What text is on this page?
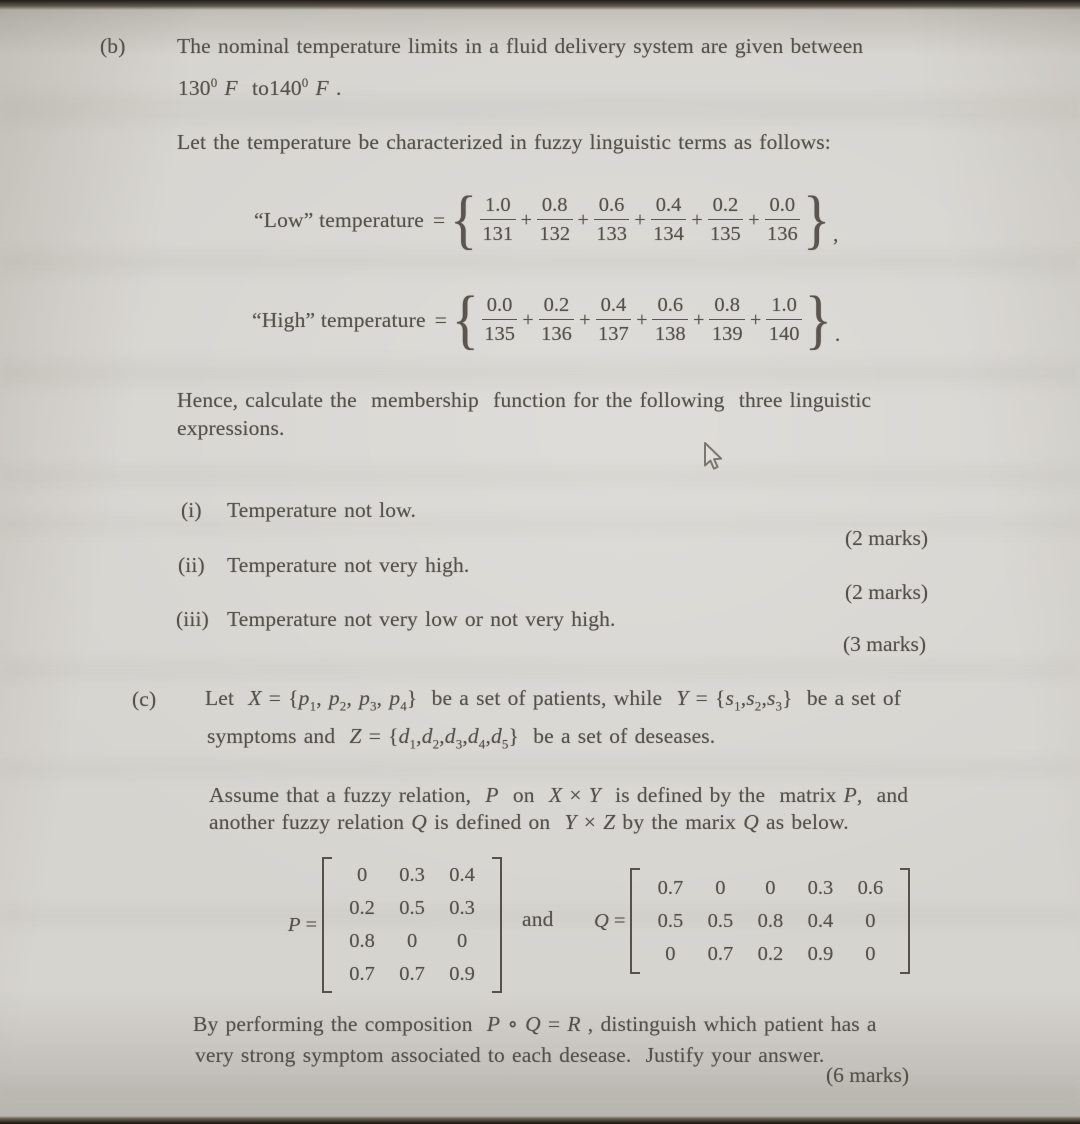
(b) The nominal temperature limits in a fluid delivery system are given between
$130^0$ F  $to140^0$ F .
Let the temperature be characterized in fuzzy linguistic terms as follows:
“Low” temperature = { $\frac{1.0}{131} + \frac{0.8}{132} + \frac{0.6}{133} + \frac{0.4}{134} + \frac{0.2}{135} + \frac{0.0}{136}$ } ,
“High” temperature = { $\frac{0.0}{135} + \frac{0.2}{136} + \frac{0.4}{137} + \frac{0.6}{138} + \frac{0.8}{139} + \frac{1.0}{140}$ } .
Hence, calculate the  membership  function for the following  three linguistic
expressions.
(i) Temperature not low.
(2 marks)
(ii) Temperature not very high.
(2 marks)
(iii) Temperature not very low or not very high.
(3 marks)
(c) Let  $X = \{p_1$, $p_2$, $p_3$, $p_4$}  be a set of patients, while  $Y = \{s_1,s_2,s_3\}$  be a set of
symptoms and  $Z = \{d_1,d_2,d_3,d_4,d_5\}$  be a set of deseases.
Assume that a fuzzy relation,  P  on  X × Y  is defined by the  matrix P,  and
another fuzzy relation Q is defined on  Y × Z by the marix Q as below.
P =
0	0.3	0.4
0.2	0.5	0.3
0.8	0	0
0.7	0.7	0.9
and Q =
0.7	0	0	0.3	0.6
0.5	0.5	0.8	0.4	0
0	0.7	0.2	0.9	0
By performing the composition  P ∘ Q = R , distinguish which patient has a
very strong symptom associated to each desease.  Justify your answer.
(6 marks)
